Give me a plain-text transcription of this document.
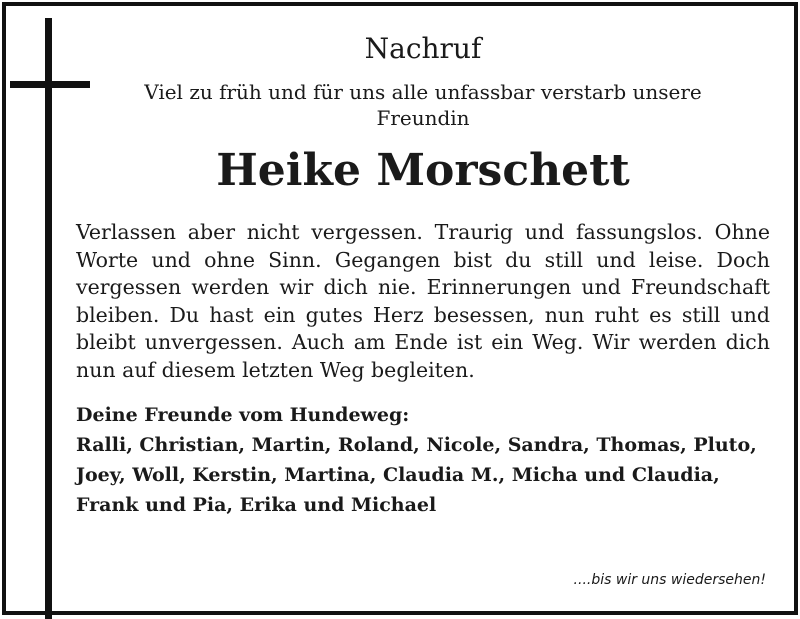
Nachruf

Viel zu früh und für uns alle unfassbar verstarb unsere Freundin

Heike Morschett

Verlassen aber nicht vergessen. Traurig und fassungslos. Ohne Worte und ohne Sinn. Gegangen bist du still und leise. Doch vergessen werden wir dich nie. Erinnerungen und Freundschaft bleiben. Du hast ein gutes Herz besessen, nun ruht es still und bleibt unvergessen. Auch am Ende ist ein Weg. Wir werden dich nun auf diesem letzten Weg begleiten.

Deine Freunde vom Hundeweg:

Ralli, Christian, Martin, Roland, Nicole, Sandra, Thomas, Pluto, Joey, Woll, Kerstin, Martina, Claudia M., Micha und Claudia, Frank und Pia, Erika und Michael

....bis wir uns wiedersehen!
